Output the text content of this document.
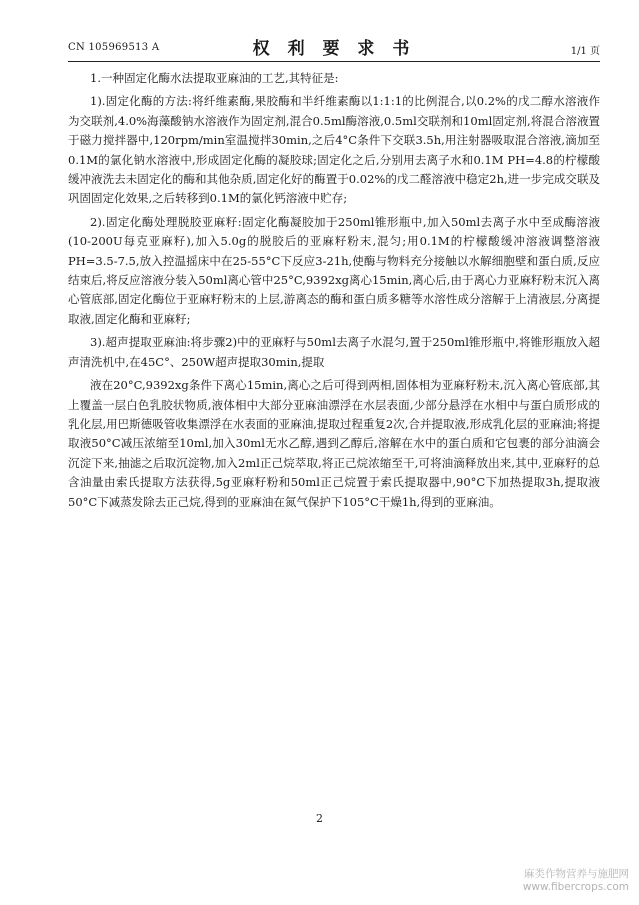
CN 105969513 A	权 利 要 求 书	1/1 页

1.一种固定化酶水法提取亚麻油的工艺,其特征是:

1).固定化酶的方法:将纤维素酶,果胶酶和半纤维素酶以1:1:1的比例混合,以0.2%的戊二醇水溶液作为交联剂,4.0%海藻酸钠水溶液作为固定剂,混合0.5ml酶溶液,0.5ml交联剂和10ml固定剂,将混合溶液置于磁力搅拌器中,120rpm/min室温搅拌30min,之后4°C条件下交联3.5h,用注射器吸取混合溶液,滴加至0.1M的氯化钠水溶液中,形成固定化酶的凝胶球;固定化之后,分别用去离子水和0.1M PH=4.8的柠檬酸缓冲液洗去未固定化的酶和其他杂质,固定化好的酶置于0.02%的戊二醛溶液中稳定2h,进一步完成交联及巩固固定化效果,之后转移到0.1M的氯化钙溶液中贮存;

2).固定化酶处理脱胶亚麻籽:固定化酶凝胶加于250ml锥形瓶中,加入50ml去离子水中至成酶溶液(10-200U每克亚麻籽),加入5.0g的脱胶后的亚麻籽粉末,混匀;用0.1M的柠檬酸缓冲溶液调整溶液PH=3.5-7.5,放入控温摇床中在25-55°C下反应3-21h,使酶与物料充分接触以水解细胞壁和蛋白质,反应结束后,将反应溶液分装入50ml离心管中25°C,9392xg离心15min,离心后,由于离心力亚麻籽粉末沉入离心管底部,固定化酶位于亚麻籽粉末的上层,游离态的酶和蛋白质多糖等水溶性成分溶解于上清液层,分离提取液,固定化酶和亚麻籽;

3).超声提取亚麻油:将步骤2)中的亚麻籽与50ml去离子水混匀,置于250ml锥形瓶中,将锥形瓶放入超声清洗机中,在45C°、250W超声提取30min,提取

液在20°C,9392xg条件下离心15min,离心之后可得到两相,固体相为亚麻籽粉末,沉入离心管底部,其上覆盖一层白色乳胶状物质,液体相中大部分亚麻油漂浮在水层表面,少部分悬浮在水相中与蛋白质形成的乳化层,用巴斯德吸管收集漂浮在水表面的亚麻油,提取过程重复2次,合并提取液,形成乳化层的亚麻油;将提取液50°C减压浓缩至10ml,加入30ml无水乙醇,遇到乙醇后,溶解在水中的蛋白质和它包裹的部分油滴会沉淀下来,抽滤之后取沉淀物,加入2ml正己烷萃取,将正己烷浓缩至干,可将油滴释放出来,其中,亚麻籽的总含油量由索氏提取方法获得,5g亚麻籽粉和50ml正己烷置于索氏提取器中,90°C下加热提取3h,提取液50°C下减蒸发除去正己烷,得到的亚麻油在氮气保护下105°C干燥1h,得到的亚麻油。

2
麻类作物营养与施肥网
www.fibercrops.com
